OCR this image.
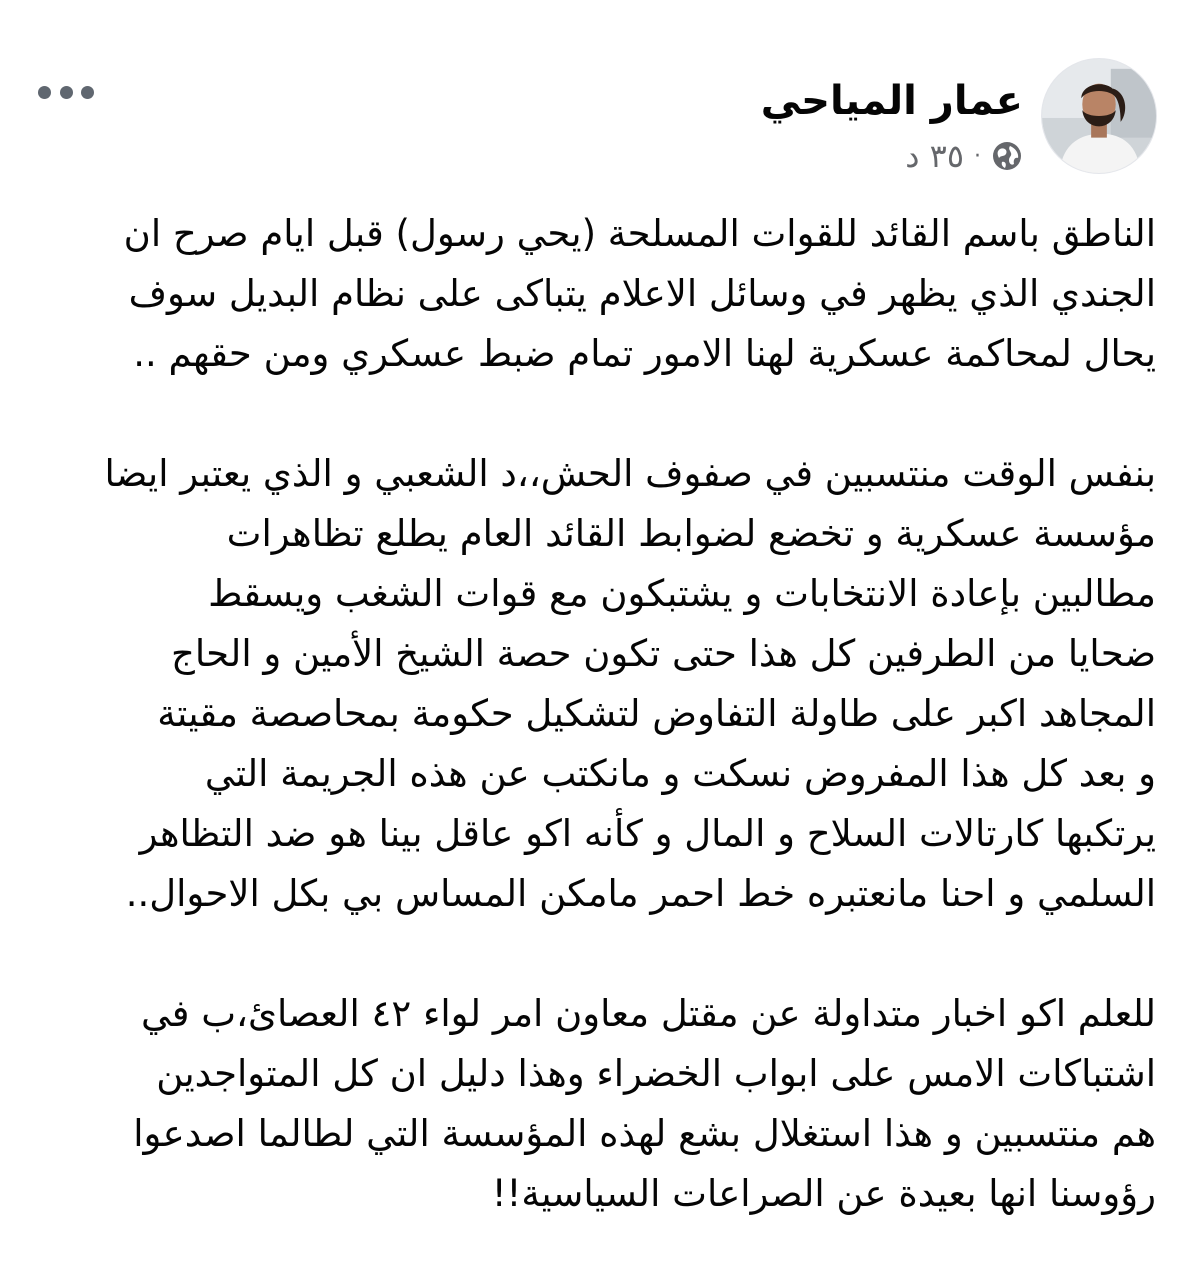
عمار المياحي
٣٥ د ·
الناطق باسم القائد للقوات المسلحة (يحي رسول) قبل ايام صرح ان
الجندي الذي يظهر في وسائل الاعلام يتباكى على نظام البديل سوف
يحال لمحاكمة عسكرية لهنا الامور تمام ضبط عسكري ومن حقهم ..
بنفس الوقت منتسبين في صفوف الحش،،د الشعبي و الذي يعتبر ايضا
مؤسسة عسكرية و تخضع لضوابط القائد العام يطلع تظاهرات
مطالبين بإعادة الانتخابات و يشتبكون مع قوات الشغب ويسقط
ضحايا من الطرفين كل هذا حتى تكون حصة الشيخ الأمين و الحاج
المجاهد اكبر على طاولة التفاوض لتشكيل حكومة بمحاصصة مقيتة
و بعد كل هذا المفروض نسكت و مانكتب عن هذه الجريمة التي
يرتكبها كارتالات السلاح و المال و كأنه اكو عاقل بينا هو ضد التظاهر
السلمي و احنا مانعتبره خط احمر مامكن المساس بي بكل الاحوال..
للعلم اكو اخبار متداولة عن مقتل معاون امر لواء ٤٢ العصائ،ب في
اشتباكات الامس على ابواب الخضراء وهذا دليل ان كل المتواجدين
هم منتسبين و هذا استغلال بشع لهذه المؤسسة التي لطالما اصدعوا
رؤوسنا انها بعيدة عن الصراعات السياسية!!
